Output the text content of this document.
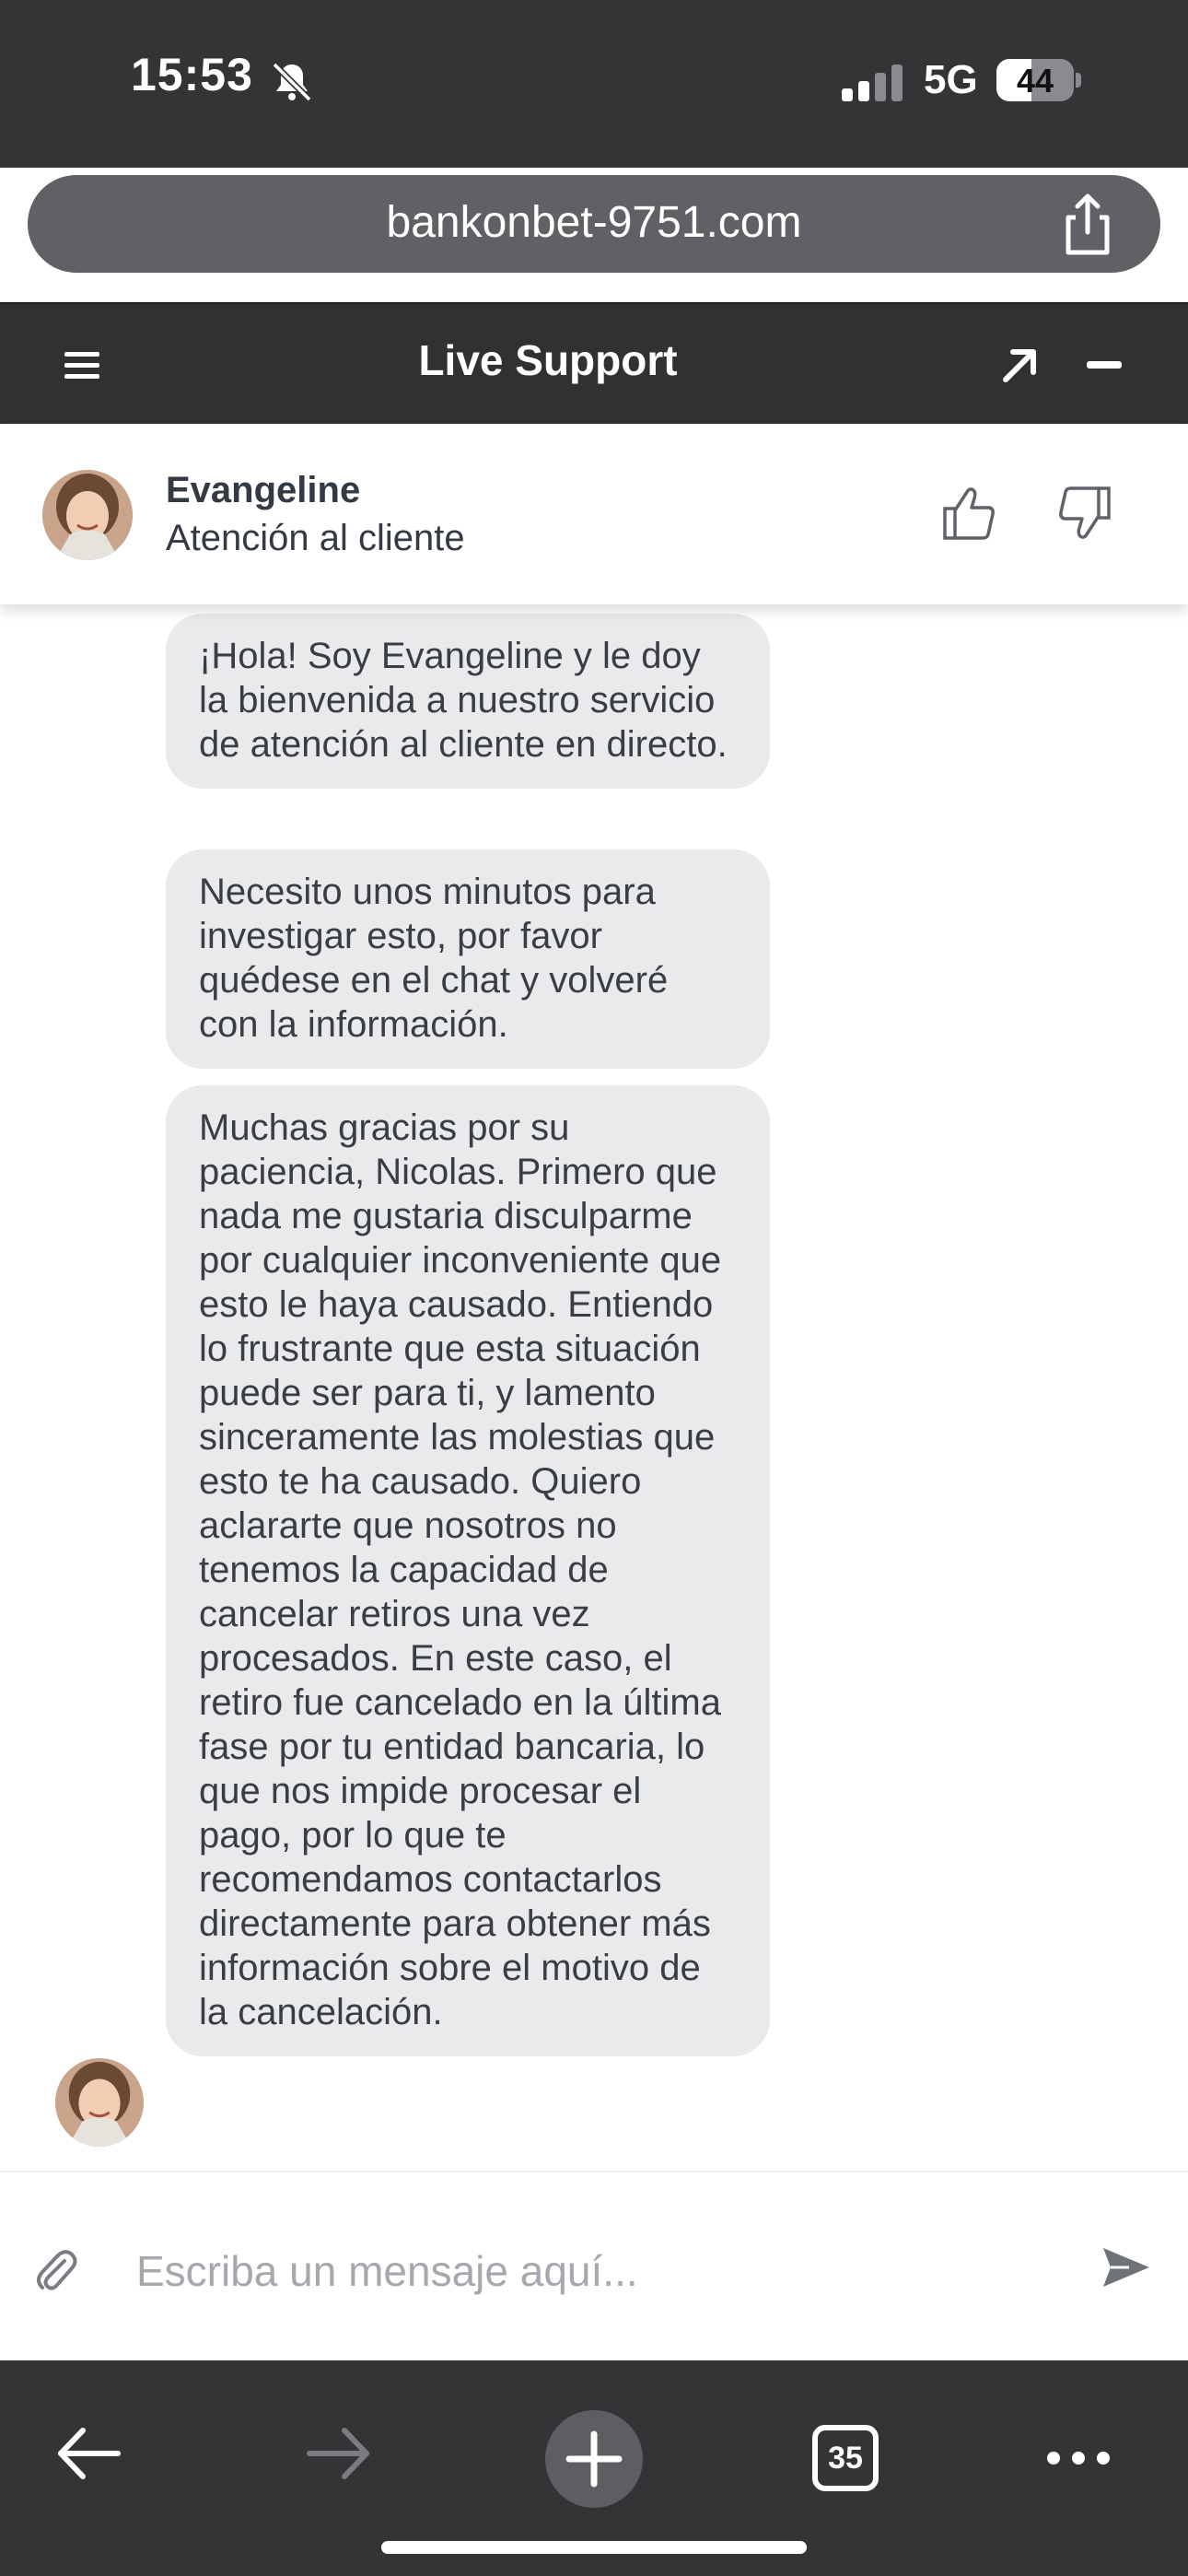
15:53	5G	44
bankonbet-9751.com
Live Support
Evangeline
Atención al cliente
¡Hola! Soy Evangeline y le doy la bienvenida a nuestro servicio de atención al cliente en directo.
Necesito unos minutos para investigar esto, por favor quédese en el chat y volveré con la información.
Muchas gracias por su paciencia, Nicolas. Primero que nada me gustaria disculparme por cualquier inconveniente que esto le haya causado. Entiendo lo frustrante que esta situación puede ser para ti, y lamento sinceramente las molestias que esto te ha causado. Quiero aclararte que nosotros no tenemos la capacidad de cancelar retiros una vez procesados. En este caso, el retiro fue cancelado en la última fase por tu entidad bancaria, lo que nos impide procesar el pago, por lo que te recomendamos contactarlos directamente para obtener más información sobre el motivo de la cancelación.
Escriba un mensaje aquí...
35
